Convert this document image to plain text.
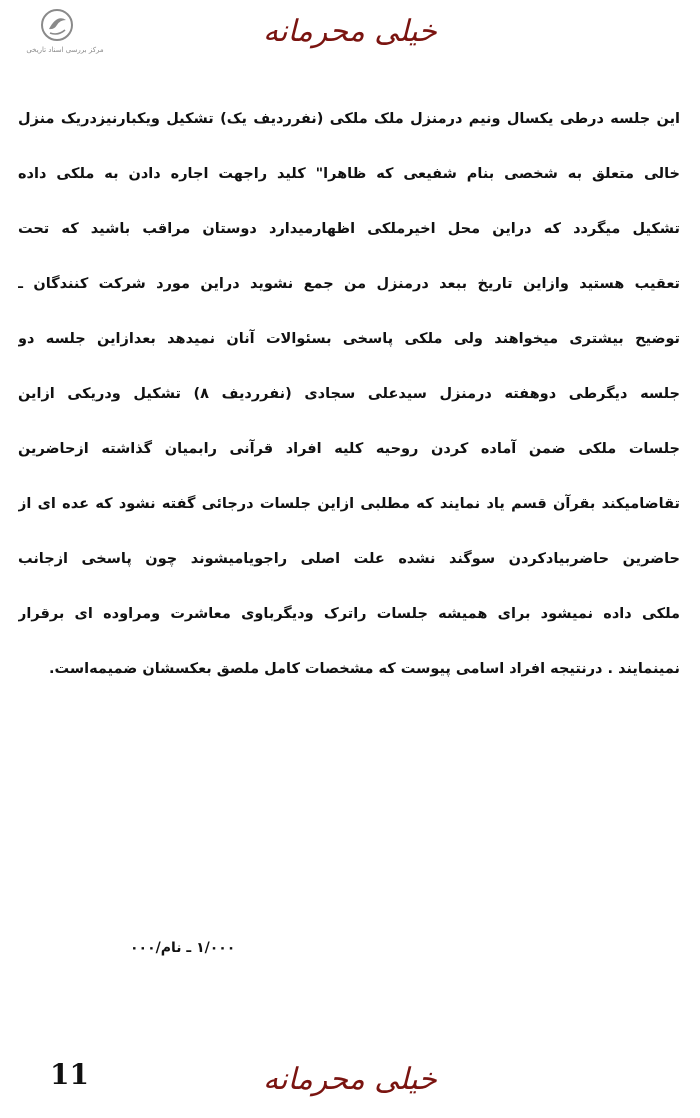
مرکز بررسی اسناد تاریخی
خیلی محرمانه
این جلسه درطی یکسال ونیم درمنزل ملک ملکی (نفرردیف یک) تشکیل ویکبارنیزدریک منزل
خالی متعلق به شخصی بنام شفیعی که ظاهرا" کلید راجهت اجاره دادن به ملکی داده
تشکیل میگردد که دراین محل اخیرملکی اظهارمیدارد دوستان مراقب باشید که تحت
تعقیب هستید وازاین تاریخ ببعد درمنزل من جمع نشوید دراین مورد شرکت کنندگان ـ
توضیح بیشتری میخواهند ولی ملکی پاسخی بسئوالات آنان نمیدهد بعدازاین جلسه دو
جلسه دیگرطی دوهفته درمنزل سیدعلی سجادی (نفرردیف ۸) تشکیل ودریکی ازاین
جلسات ملکی ضمن آماده کردن روحیه کلیه افراد قرآنی رابمیان گذاشته ازحاضرین
تقاضامیکند بقرآن قسم یاد نمایند که مطلبی ازاین جلسات درجائی گفته نشود که عده ای از
حاضرین حاضربیادکردن سوگند نشده علت اصلی راجویامیشوند چون پاسخی ازجانب
ملکی داده نمیشود برای همیشه جلسات راترک ودیگرباوی معاشرت ومراوده ای برقرار
نمینمایند . درنتیجه افراد اسامی پیوست که مشخصات کامل ملصق بعکسشان ضمیمه‌است.
۱/۰۰۰ ـ نام/۰۰۰
11	خیلی محرمانه
